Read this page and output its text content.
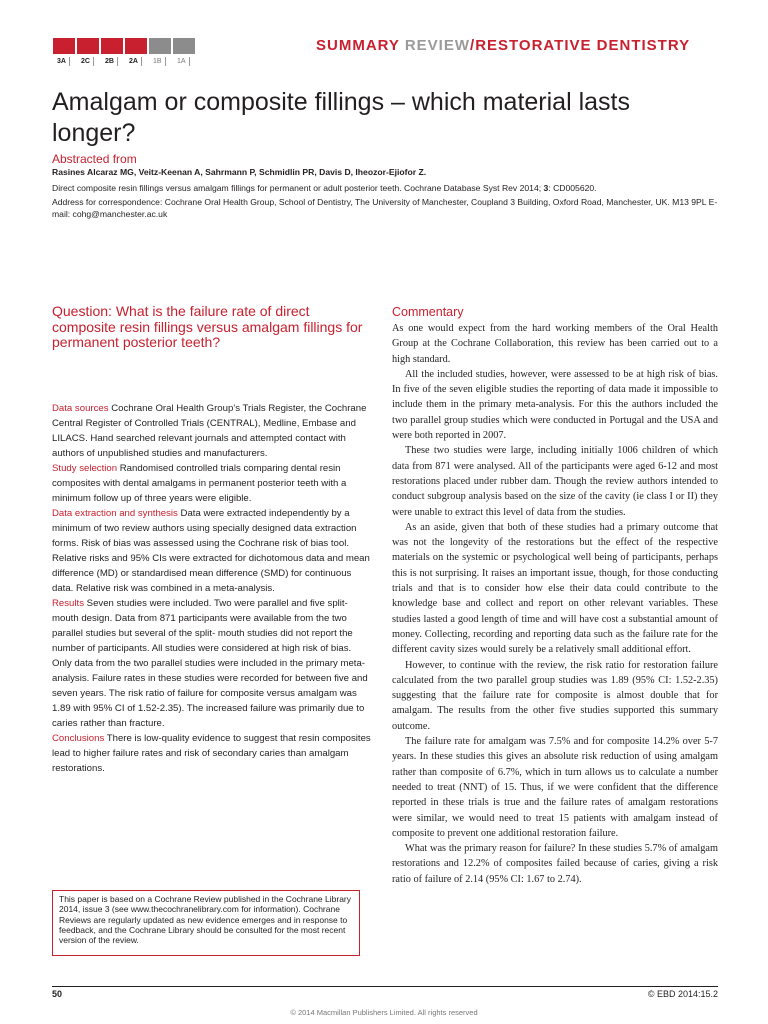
3A	2C	2B	2A	1B	1A
SUMMARY REVIEW/RESTORATIVE DENTISTRY
Amalgam or composite fillings – which material lasts longer?
Abstracted from
Rasines Alcaraz MG, Veitz-Keenan A, Sahrmann P, Schmidlin PR, Davis D, Iheozor-Ejiofor Z.
Direct composite resin fillings versus amalgam fillings for permanent or adult posterior teeth. Cochrane Database Syst Rev 2014; 3: CD005620.
Address for correspondence: Cochrane Oral Health Group, School of Dentistry, The University of Manchester, Coupland 3 Building, Oxford Road, Manchester, UK. M13 9PL E-mail: cohg@manchester.ac.uk
Question: What is the failure rate of direct composite resin fillings versus amalgam fillings for permanent posterior teeth?

Data sources Cochrane Oral Health Group’s Trials Register, the Cochrane Central Register of Controlled Trials (CENTRAL), Medline, Embase and LILACS. Hand searched relevant journals and attempted contact with authors of unpublished studies and manufacturers.

Study selection Randomised controlled trials comparing dental resin composites with dental amalgams in permanent posterior teeth with a minimum follow up of three years were eligible.

Data extraction and synthesis Data were extracted independently by a minimum of two review authors using specially designed data extraction forms. Risk of bias was assessed using the Cochrane risk of bias tool. Relative risks and 95% CIs were extracted for dichotomous data and mean difference (MD) or standardised mean difference (SMD) for continuous data. Relative risk was combined in a meta-analysis.

Results Seven studies were included. Two were parallel and five split-mouth design. Data from 871 participants were available from the two parallel studies but several of the split- mouth studies did not report the number of participants. All studies were considered at high risk of bias. Only data from the two parallel studies were included in the primary meta-analysis. Failure rates in these studies were recorded for between five and seven years. The risk ratio of failure for composite versus amalgam was 1.89 with 95% CI of 1.52-2.35). The increased failure was primarily due to caries rather than fracture.

Conclusions There is low-quality evidence to suggest that resin composites lead to higher failure rates and risk of secondary caries than amalgam restorations.

This paper is based on a Cochrane Review published in the Cochrane Library 2014, issue 3 (see www.thecochranelibrary.com for information). Cochrane Reviews are regularly updated as new evidence emerges and in response to feedback, and the Cochrane Library should be consulted for the most recent version of the review.
Commentary

As one would expect from the hard working members of the Oral Health Group at the Cochrane Collaboration, this review has been carried out to a high standard.

All the included studies, however, were assessed to be at high risk of bias. In five of the seven eligible studies the reporting of data made it impossible to include them in the primary meta-analysis. For this the authors included the two parallel group studies which were conducted in Portugal and the USA and were both reported in 2007.

These two studies were large, including initially 1006 children of which data from 871 were analysed. All of the participants were aged 6-12 and most restorations placed under rubber dam. Though the review authors intended to conduct subgroup analysis based on the size of the cavity (ie class I or II) they were unable to extract this level of data from the studies.

As an aside, given that both of these studies had a primary outcome that was not the longevity of the restorations but the effect of the respective materials on the systemic or psychological well being of participants, perhaps this is not surprising. It raises an important issue, though, for those conducting trials and that is to consider how else their data could contribute to the knowledge base and collect and report on other relevant variables. These studies lasted a good length of time and will have cost a substantial amount of money. Collecting, recording and reporting data such as the failure rate for the different cavity sizes would surely be a relatively small additional effort.

However, to continue with the review, the risk ratio for restoration failure calculated from the two parallel group studies was 1.89 (95% CI: 1.52-2.35) suggesting that the failure rate for composite is almost double that for amalgam. The results from the other five studies supported this summary outcome.

The failure rate for amalgam was 7.5% and for composite 14.2% over 5-7 years. In these studies this gives an absolute risk reduction of using amalgam rather than composite of 6.7%, which in turn allows us to calculate a number needed to treat (NNT) of 15. Thus, if we were confident that the difference reported in these trials is true and the failure rates of amalgam restorations were similar, we would need to treat 15 patients with amalgam instead of composite to prevent one additional restoration failure.

What was the primary reason for failure? In these studies 5.7% of amalgam restorations and 12.2% of composites failed because of caries, giving a risk ratio of failure of 2.14 (95% CI: 1.67 to 2.74).

50	© EBD 2014:15.2
© 2014 Macmillan Publishers Limited. All rights reserved
